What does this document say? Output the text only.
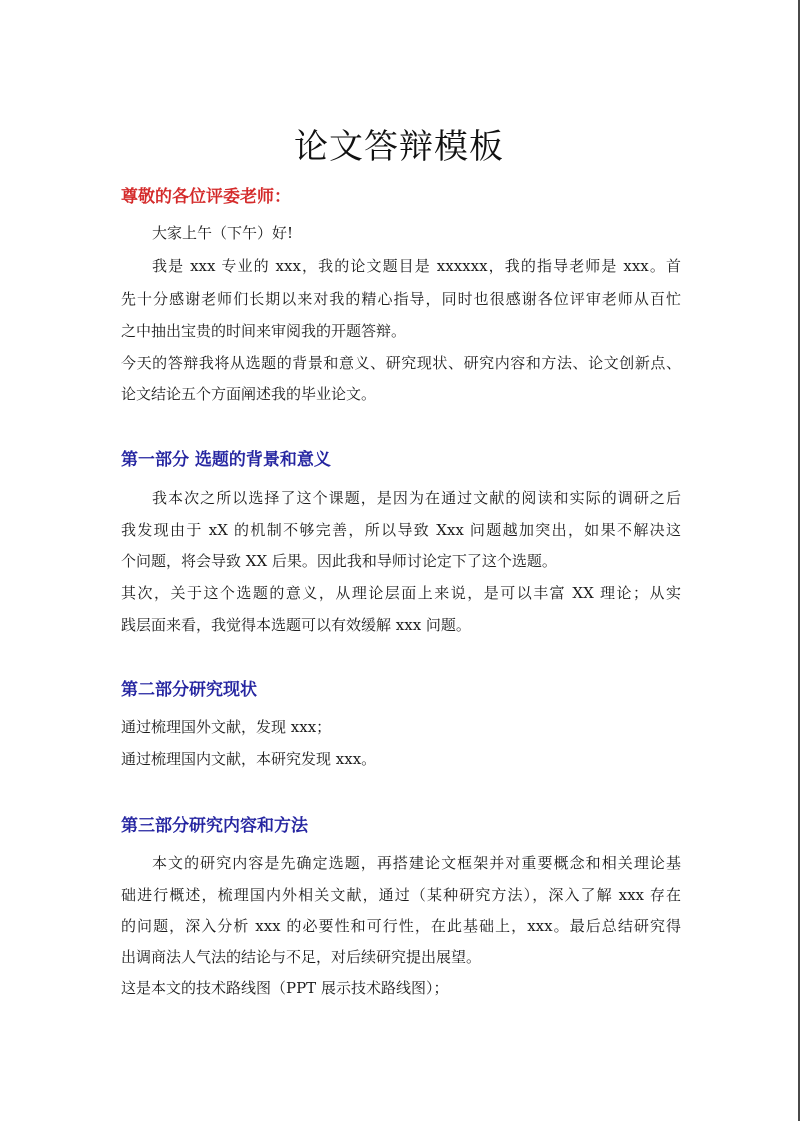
论文答辩模板
尊敬的各位评委老师：
大家上午（下午）好!
我是 xxx 专业的 xxx，我的论文题目是 xxxxxx，我的指导老师是 xxx。首
先十分感谢老师们长期以来对我的精心指导，同时也很感谢各位评审老师从百忙
之中抽出宝贵的时间来审阅我的开题答辩。
今天的答辩我将从选题的背景和意义、研究现状、研究内容和方法、论文创新点、
论文结论五个方面阐述我的毕业论文。
第一部分 选题的背景和意义
我本次之所以选择了这个课题，是因为在通过文献的阅读和实际的调研之后
我发现由于 xX 的机制不够完善，所以导致 Xxx 问题越加突出，如果不解决这
个问题，将会导致 XX 后果。因此我和导师讨论定下了这个选题。
其次，关于这个选题的意义，从理论层面上来说，是可以丰富 XX 理论；从实
践层面来看，我觉得本选题可以有效缓解 xxx 问题。
第二部分研究现状
通过梳理国外文献，发现 xxx；
通过梳理国内文献，本研究发现 xxx。
第三部分研究内容和方法
本文的研究内容是先确定选题，再搭建论文框架并对重要概念和相关理论基
础进行概述，梳理国内外相关文献，通过（某种研究方法），深入了解 xxx 存在
的问题，深入分析 xxx 的必要性和可行性，在此基础上，xxx。最后总结研究得
出调商法人气法的结论与不足，对后续研究提出展望。
这是本文的技术路线图（PPT 展示技术路线图）；
